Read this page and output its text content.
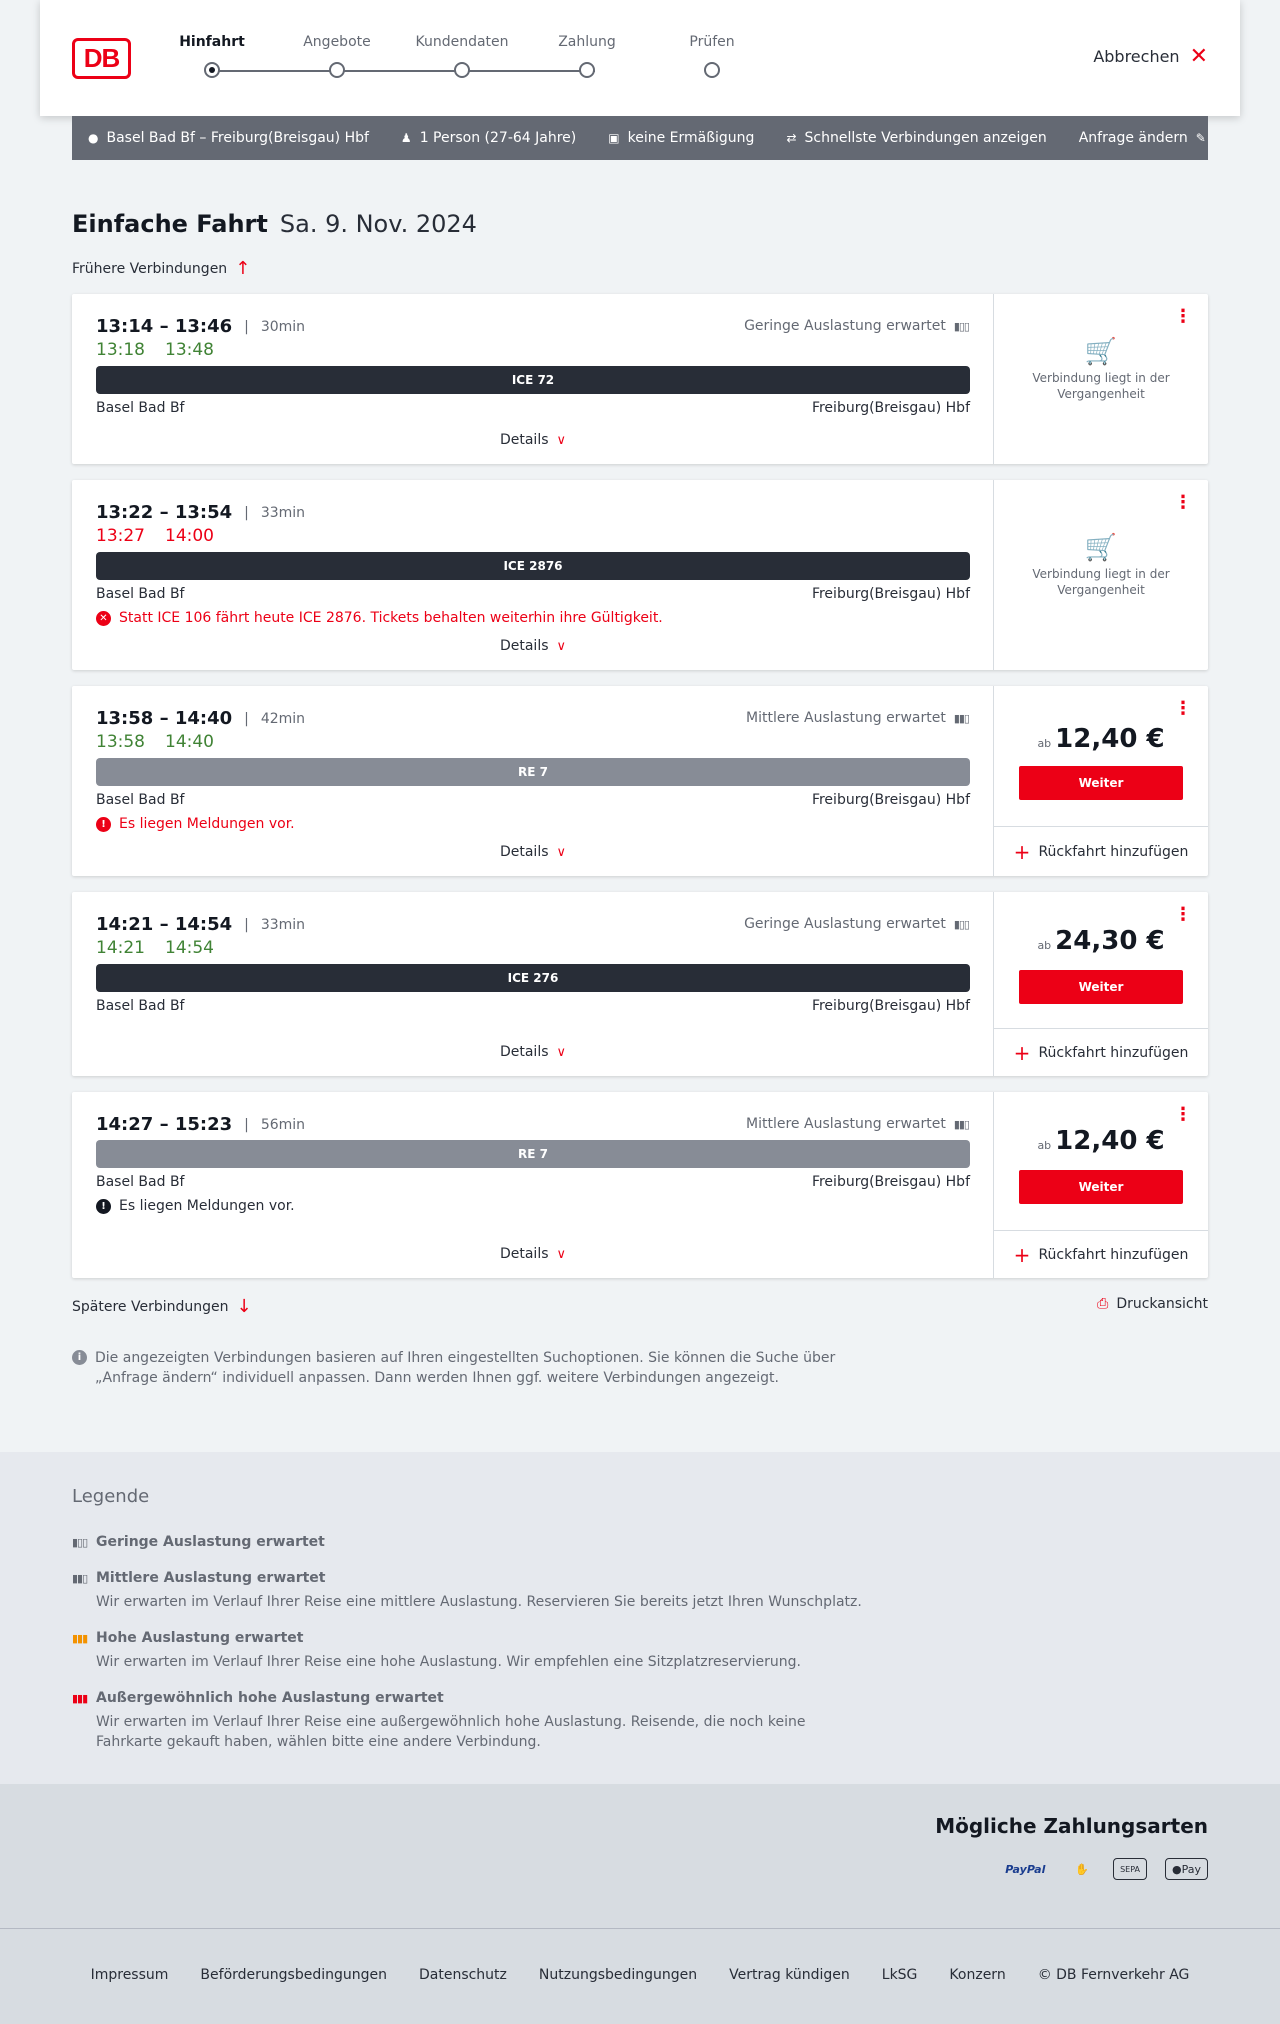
DB
Hinfahrt	Angebote	Kundendaten	Zahlung	Prüfen
Abbrechen ✕
● Basel Bad Bf – Freiburg(Breisgau) Hbf	♟ 1 Person (27-64 Jahre)	▣ keine Ermäßigung	⇄ Schnellste Verbindungen anzeigen Anfrage ändern ✎
Einfache Fahrt Sa. 9. Nov. 2024
Frühere Verbindungen ↑
13:14 – 13:46 | 30min
13:18 13:48
Geringe Auslastung erwartet ▮▯▯
ICE 72
Basel Bad Bf	Freiburg(Breisgau) Hbf
Details ∨
⋮
🛒
Verbindung liegt in der Vergangenheit
13:22 – 13:54 | 33min
13:27 14:00
ICE 2876
Basel Bad Bf	Freiburg(Breisgau) Hbf
✕ Statt ICE 106 fährt heute ICE 2876. Tickets behalten weiterhin ihre Gültigkeit.
Details ∨
⋮
🛒
Verbindung liegt in der Vergangenheit
13:58 – 14:40 | 42min
13:58 14:40
Mittlere Auslastung erwartet ▮▮▯
RE 7
Basel Bad Bf	Freiburg(Breisgau) Hbf
! Es liegen Meldungen vor.
Details ∨
⋮
ab 12,40 €
Weiter
+ Rückfahrt hinzufügen
14:21 – 14:54 | 33min
14:21 14:54
Geringe Auslastung erwartet ▮▯▯
ICE 276
Basel Bad Bf	Freiburg(Breisgau) Hbf
Details ∨
⋮
ab 24,30 €
Weiter
+ Rückfahrt hinzufügen
14:27 – 15:23 | 56min	Mittlere Auslastung erwartet ▮▮▯
RE 7
Basel Bad Bf	Freiburg(Breisgau) Hbf
! Es liegen Meldungen vor.
Details ∨
⋮
ab 12,40 €
Weiter
+ Rückfahrt hinzufügen
Spätere Verbindungen ↓	⎙ Druckansicht
i Die angezeigten Verbindungen basieren auf Ihren eingestellten Suchoptionen. Sie können die Suche über „Anfrage ändern“ individuell anpassen. Dann werden Ihnen ggf. weitere Verbindungen angezeigt.
Legende
▮▯▯ Geringe Auslastung erwartet
▮▮▯ Mittlere Auslastung erwartet
Wir erwarten im Verlauf Ihrer Reise eine mittlere Auslastung. Reservieren Sie bereits jetzt Ihren Wunschplatz.
▮▮▮ Hohe Auslastung erwartet
Wir erwarten im Verlauf Ihrer Reise eine hohe Auslastung. Wir empfehlen eine Sitzplatzreservierung.
▮▮▮ Außergewöhnlich hohe Auslastung erwartet
Wir erwarten im Verlauf Ihrer Reise eine außergewöhnlich hohe Auslastung. Reisende, die noch keine Fahrkarte gekauft haben, wählen bitte eine andere Verbindung.
Mögliche Zahlungsarten
PayPal	✋	SEPA	● Pay
Impressum Beförderungsbedingungen Datenschutz Nutzungsbedingungen Vertrag kündigen LkSG Konzern © DB Fernverkehr AG
